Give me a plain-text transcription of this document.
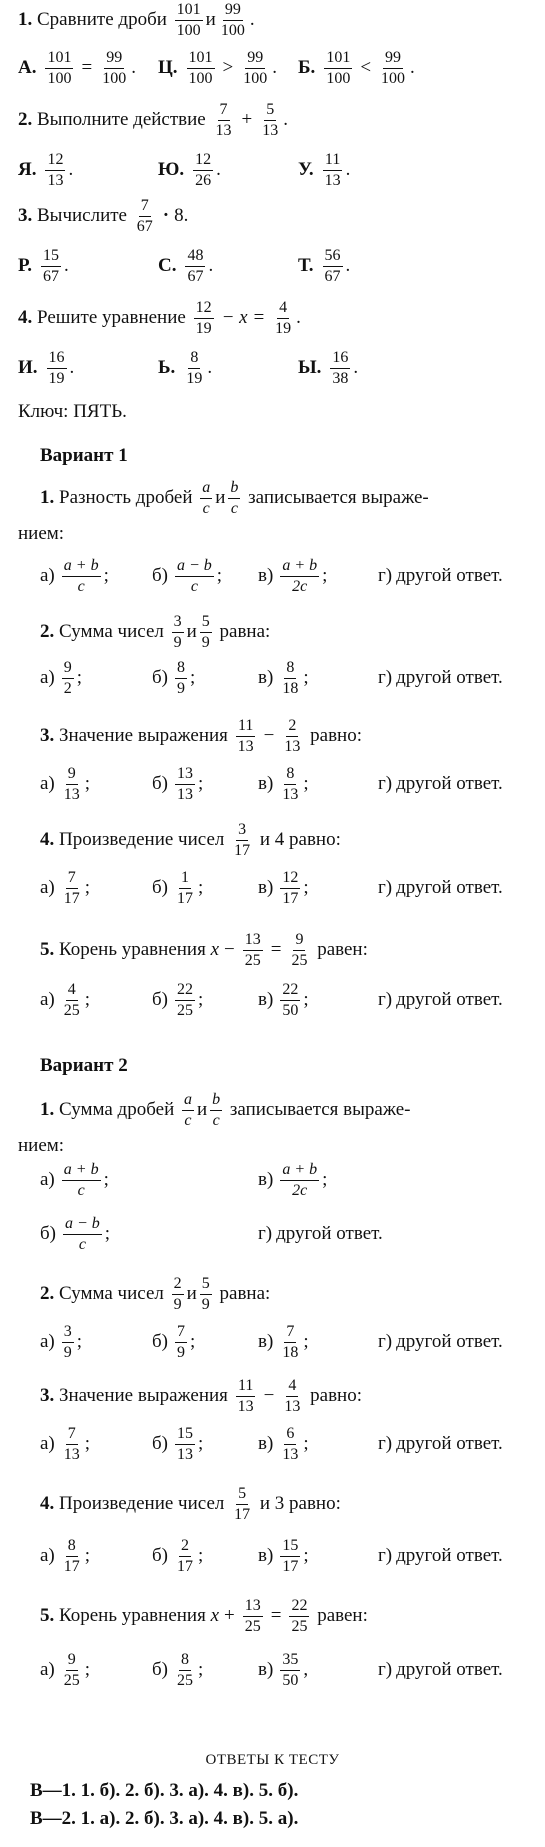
1.
Сравните дроби
$\frac{101}{100}$ и $\frac{99}{100}$ .
А. $\frac{101}{100} = \frac{99}{100}$ . Ц. $\frac{101}{100} > \frac{99}{100}$ . Б. $\frac{101}{100} < \frac{99}{100}$ .
2.
Выполните действие
$\frac{7}{13} + \frac{5}{13}$ .
Я. $\frac{12}{13}$ .	Ю. $\frac{12}{26}$ .	У. $\frac{11}{13}$ .
3.
Вычислите
$\frac{7}{67} \cdot 8$.
Р. $\frac{15}{67}$ .	С. $\frac{48}{67}$ .	Т. $\frac{56}{67}$ .
4.
Решите уравнение
$\frac{12}{19} - x = \frac{4}{19}$ .
И. $\frac{16}{19}$ .	Ь. $\frac{8}{19}$ .	Ы. $\frac{16}{38}$ .
Ключ: ПЯТЬ.
Вариант 1
1.
Разность дробей
$\frac{a}{c}$ и $\frac{b}{c}$
записывается выраже-
нием:
$а) \frac{a + b}{c}$ ; $б) \frac{a - b}{c}$ ; $в) \frac{a + b}{2c}$ ;	г) другой ответ.
2.
Сумма чисел
$\frac{3}{9}$ и $\frac{5}{9}$
равна:
$а) \frac{9}{2}$ ;	$б) \frac{8}{9}$ ;	$в) \frac{8}{18}$ ;	г) другой ответ.
3.
Значение выражения
$\frac{11}{13} - \frac{2}{13}$
равно:
$а) \frac{9}{13}$ ;	$б) \frac{13}{13}$ ;	$в) \frac{8}{13}$ ;	г) другой ответ.
4.
Произведение чисел
$\frac{3}{17}$
и 4 равно:
$а) \frac{7}{17}$ ;	$б) \frac{1}{17}$ ;	$в) \frac{12}{17}$ ;	г) другой ответ.
5.
Корень уравнения
$x - \frac{13}{25} = \frac{9}{25}$
равен:
$а) \frac{4}{25}$ ;	$б) \frac{22}{25}$ ;	$в) \frac{22}{50}$ ;	г) другой ответ.
Вариант 2
1.
Сумма дробей
$\frac{a}{c}$ и $\frac{b}{c}$
записывается выраже-
нием:
$а) \frac{a + b}{c}$ ;	$в) \frac{a + b}{2c}$ ;
$б) \frac{a - b}{c}$ ;	г) другой ответ.
2.
Сумма чисел
$\frac{2}{9}$ и $\frac{5}{9}$
равна:
$а) \frac{3}{9}$ ;	$б) \frac{7}{9}$ ;	$в) \frac{7}{18}$ ;	г) другой ответ.
3.
Значение выражения
$\frac{11}{13} - \frac{4}{13}$
равно:
$а) \frac{7}{13}$ ;	$б) \frac{15}{13}$ ;	$в) \frac{6}{13}$ ;	г) другой ответ.
4.
Произведение чисел
$\frac{5}{17}$
и 3 равно:
$а) \frac{8}{17}$ ;	$б) \frac{2}{17}$ ;	$в) \frac{15}{17}$ ;	г) другой ответ.
5.
Корень уравнения
$x + \frac{13}{25} = \frac{22}{25}$
равен:
$а) \frac{9}{25}$ ;	$б) \frac{8}{25}$ ;	$в) \frac{35}{50}$ ,	г) другой ответ.
ОТВЕТЫ К ТЕСТУ
В—1. 1. б). 2. б). 3. а). 4. в). 5. б).
В—2. 1. а). 2. б). 3. а). 4. в). 5. а).
